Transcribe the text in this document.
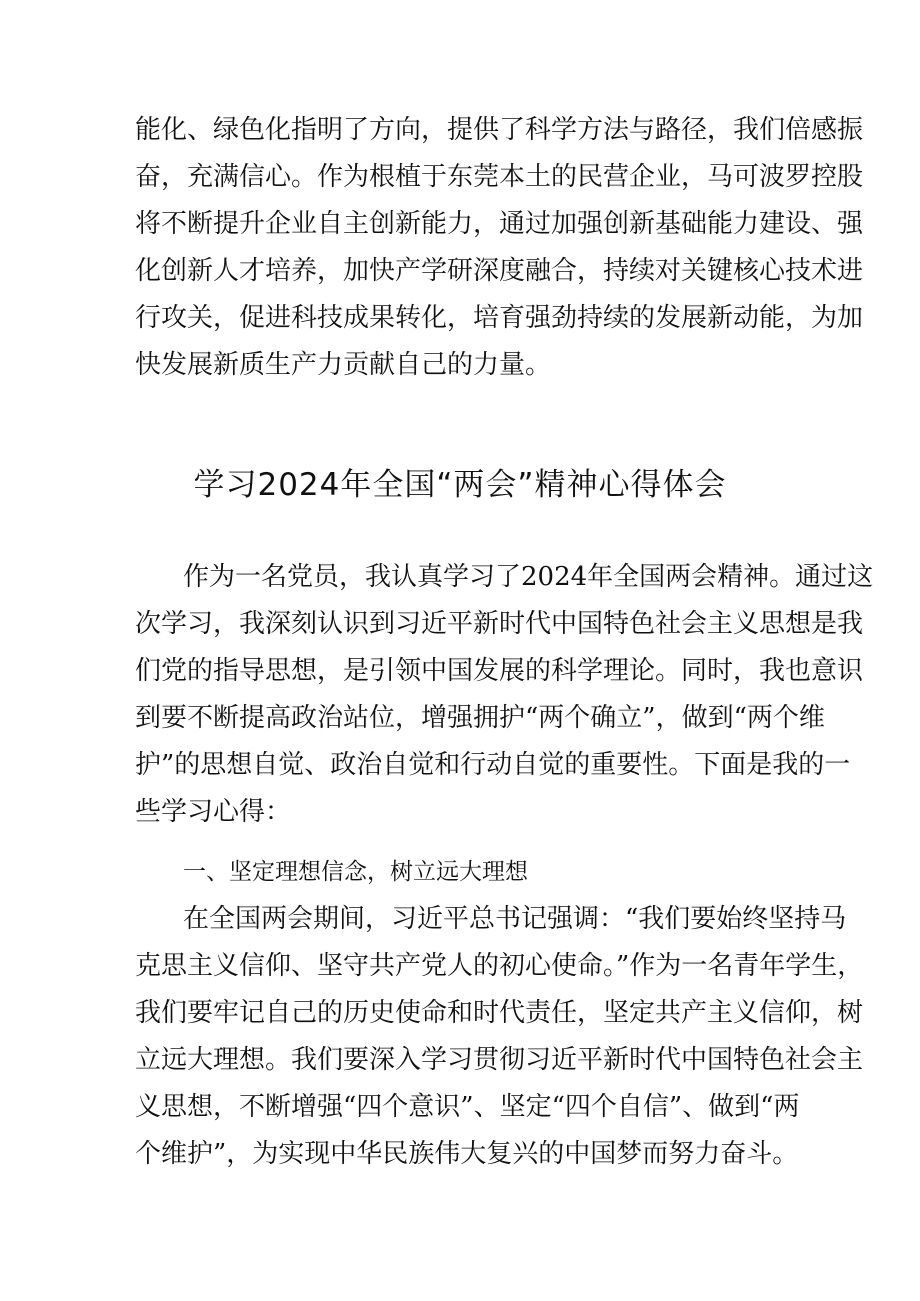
能化、绿色化指明了方向，提供了科学方法与路径，我们倍感振

奋，充满信心。作为根植于东莞本土的民营企业，马可波罗控股

将不断提升企业自主创新能力，通过加强创新基础能力建设、强

化创新人才培养，加快产学研深度融合，持续对关键核心技术进

行攻关，促进科技成果转化，培育强劲持续的发展新动能，为加

快发展新质生产力贡献自己的力量。

学习2024年全国“两会”精神心得体会

作为一名党员，我认真学习了2024年全国两会精神。通过这

次学习，我深刻认识到习近平新时代中国特色社会主义思想是我

们党的指导思想，是引领中国发展的科学理论。同时，我也意识

到要不断提高政治站位，增强拥护“两个确立”，做到“两个维

护”的思想自觉、政治自觉和行动自觉的重要性。下面是我的一

些学习心得：

一、坚定理想信念，树立远大理想

在全国两会期间，习近平总书记强调：“我们要始终坚持马

克思主义信仰、坚守共产党人的初心使命。”作为一名青年学生，

我们要牢记自己的历史使命和时代责任，坚定共产主义信仰，树

立远大理想。我们要深入学习贯彻习近平新时代中国特色社会主

义思想，不断增强“四个意识”、坚定“四个自信”、做到“两

个维护”，为实现中华民族伟大复兴的中国梦而努力奋斗。
